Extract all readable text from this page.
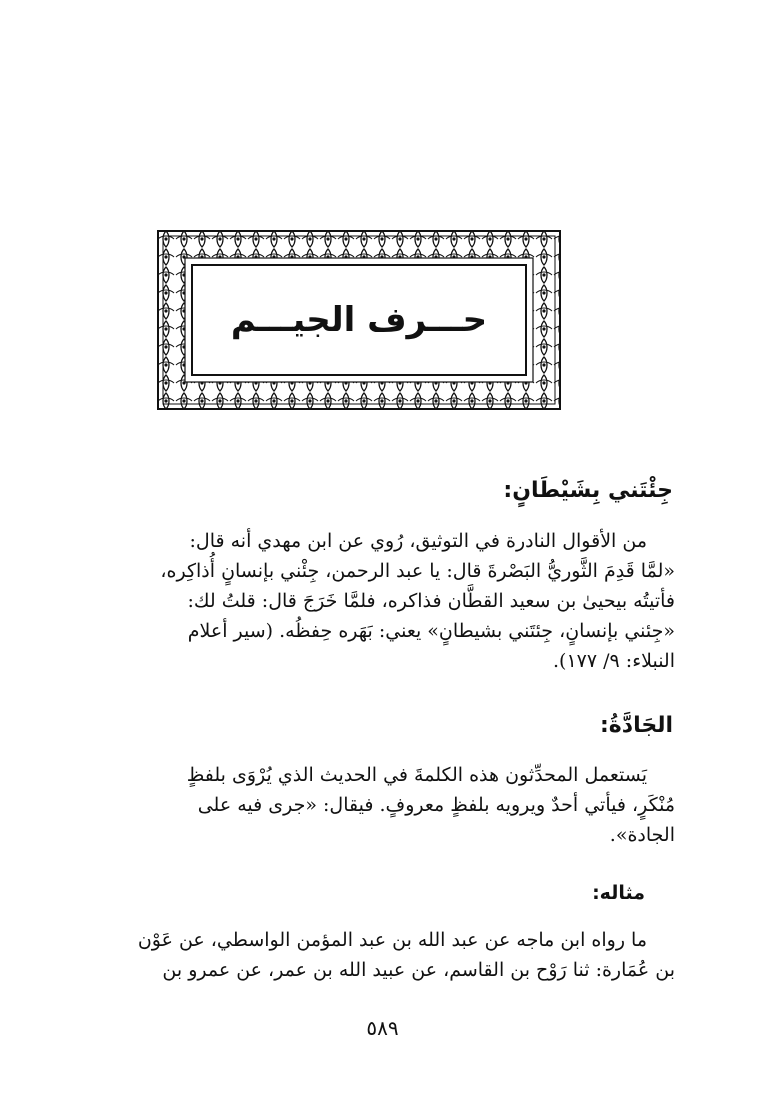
حـــرف الجيـــم
جِئْتَني بِشَيْطَانٍ:
من الأقوال النادرة في التوثيق، رُوي عن ابن مهدي أنه قال:
«لمَّا قَدِمَ الثَّوريُّ البَصْرةَ قال: يا عبد الرحمن، جِئْني بإنسانٍ أُذاكِره،
فأتيتُه بيحيىٰ بن سعيد القطَّان فذاكره، فلمَّا خَرَجَ قال: قلتُ لك:
«جِئني بإنسانٍ، جِئتَني بشيطانٍ» يعني: بَهَره حِفظُه. (سير أعلام
النبلاء: ٩/ ١٧٧).
الجَادَّةُ:
يَستعمل المحدِّثون هذه الكلمةَ في الحديث الذي يُرْوَى بلفظٍ
مُنْكَرٍ، فيأتي أحدٌ ويرويه بلفظٍ معروفٍ. فيقال: «جرى فيه على
الجادة».
مثاله:
ما رواه ابن ماجه عن عبد الله بن عبد المؤمن الواسطي، عن عَوْن
بن عُمَارة: ثنا رَوْح بن القاسم، عن عبيد الله بن عمر، عن عمرو بن
٥٨٩
